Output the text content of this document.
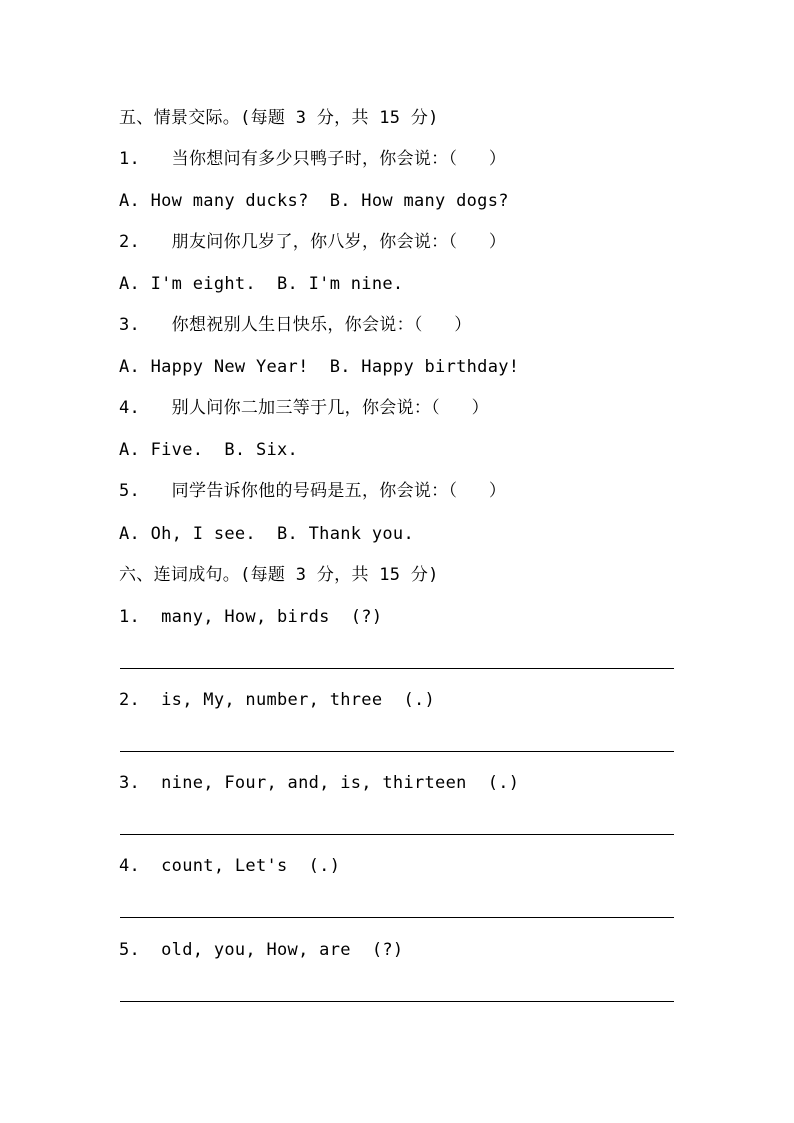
五、情景交际。(每题 3 分，共 15 分)
1.   当你想问有多少只鸭子时，你会说：（   ）
A. How many ducks?  B. How many dogs?
2.   朋友问你几岁了，你八岁，你会说：（   ）
A. I'm eight.  B. I'm nine.
3.   你想祝别人生日快乐，你会说：（   ）
A. Happy New Year!  B. Happy birthday!
4.   别人问你二加三等于几，你会说：（   ）
A. Five.  B. Six.
5.   同学告诉你他的号码是五，你会说：（   ）
A. Oh, I see.  B. Thank you.
六、连词成句。(每题 3 分，共 15 分)
1.  many, How, birds  (?)
2.  is, My, number, three  (.)
3.  nine, Four, and, is, thirteen  (.)
4.  count, Let's  (.)
5.  old, you, How, are  (?)
